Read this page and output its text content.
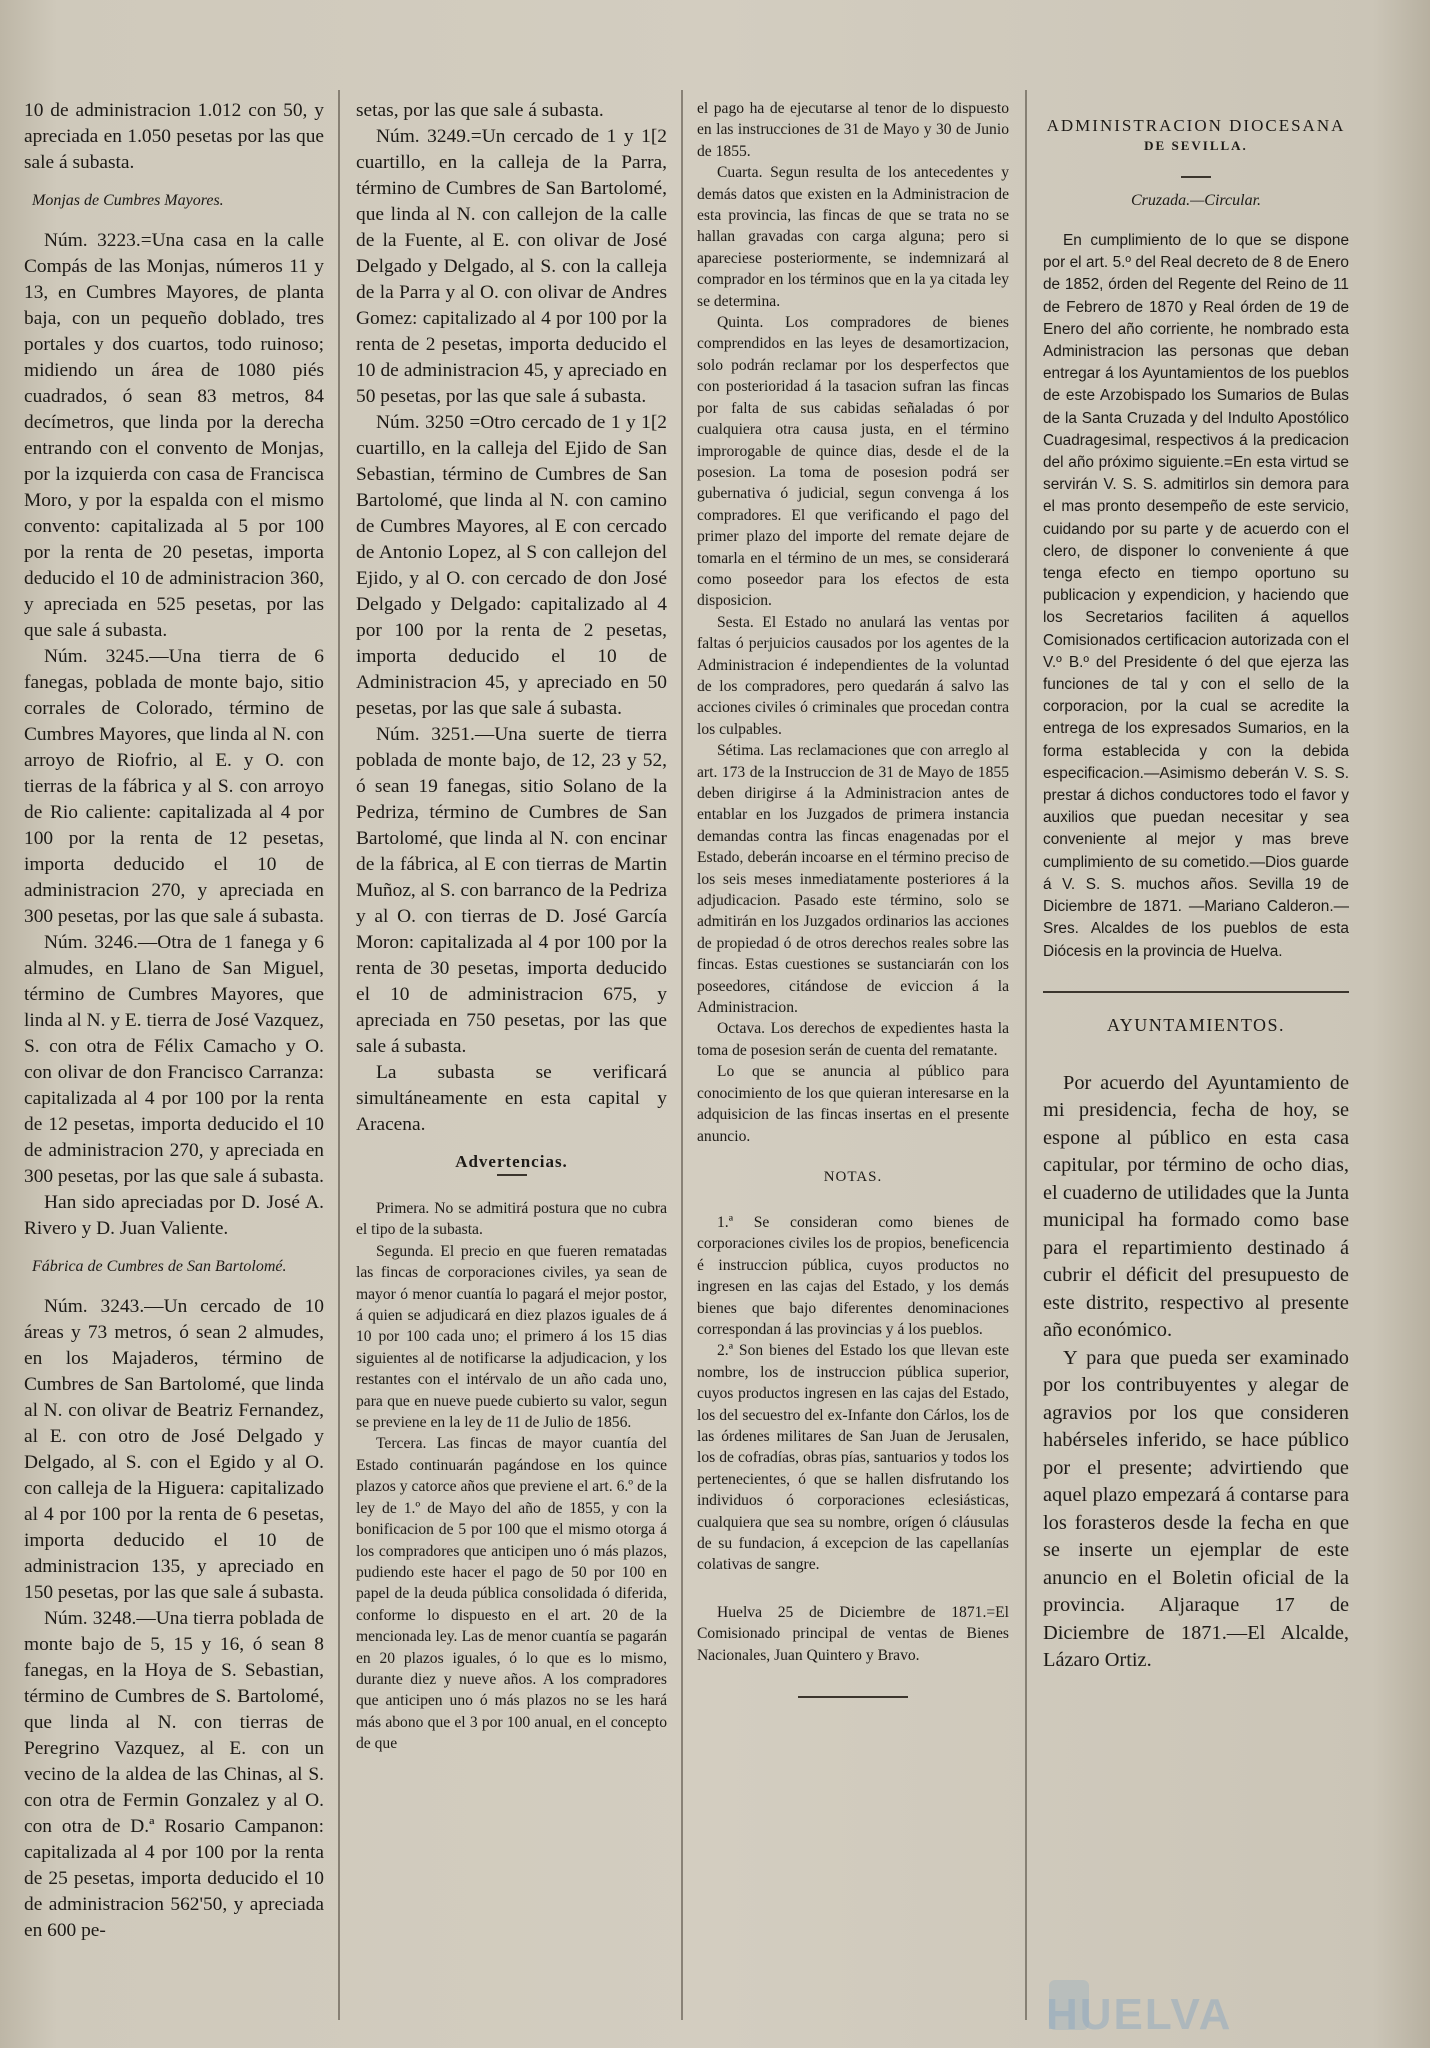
10 de administracion 1.012 con 50, y apreciada en 1.050 pesetas por las que sale á subasta.

Monjas de Cumbres Mayores.

Núm. 3223.=Una casa en la calle Compás de las Monjas, números 11 y 13, en Cumbres Mayores, de planta baja, con un pequeño doblado, tres portales y dos cuartos, todo ruinoso; midiendo un área de 1080 piés cuadrados, ó sean 83 metros, 84 decímetros, que linda por la derecha entrando con el convento de Monjas, por la izquierda con casa de Francisca Moro, y por la espalda con el mismo convento: capitalizada al 5 por 100 por la renta de 20 pesetas, importa deducido el 10 de administracion 360, y apreciada en 525 pesetas, por las que sale á subasta.

Núm. 3245.—Una tierra de 6 fanegas, poblada de monte bajo, sitio corrales de Colorado, término de Cumbres Mayores, que linda al N. con arroyo de Riofrio, al E. y O. con tierras de la fábrica y al S. con arroyo de Rio caliente: capitalizada al 4 por 100 por la renta de 12 pesetas, importa deducido el 10 de administracion 270, y apreciada en 300 pesetas, por las que sale á subasta.

Núm. 3246.—Otra de 1 fanega y 6 almudes, en Llano de San Miguel, término de Cumbres Mayores, que linda al N. y E. tierra de José Vazquez, S. con otra de Félix Camacho y O. con olivar de don Francisco Carranza: capitalizada al 4 por 100 por la renta de 12 pesetas, importa deducido el 10 de administracion 270, y apreciada en 300 pesetas, por las que sale á subasta.

Han sido apreciadas por D. José A. Rivero y D. Juan Valiente.

Fábrica de Cumbres de San Bartolomé.

Núm. 3243.—Un cercado de 10 áreas y 73 metros, ó sean 2 almudes, en los Majaderos, término de Cumbres de San Bartolomé, que linda al N. con olivar de Beatriz Fernandez, al E. con otro de José Delgado y Delgado, al S. con el Egido y al O. con calleja de la Higuera: capitalizado al 4 por 100 por la renta de 6 pesetas, importa deducido el 10 de administracion 135, y apreciado en 150 pesetas, por las que sale á subasta.

Núm. 3248.—Una tierra poblada de monte bajo de 5, 15 y 16, ó sean 8 fanegas, en la Hoya de S. Sebastian, término de Cumbres de S. Bartolomé, que linda al N. con tierras de Peregrino Vazquez, al E. con un vecino de la aldea de las Chinas, al S. con otra de Fermin Gonzalez y al O. con otra de D.ª Rosario Campanon: capitalizada al 4 por 100 por la renta de 25 pesetas, importa deducido el 10 de administracion 562'50, y apreciada en 600 pe-

setas, por las que sale á subasta.

Núm. 3249.=Un cercado de 1 y 1[2 cuartillo, en la calleja de la Parra, término de Cumbres de San Bartolomé, que linda al N. con callejon de la calle de la Fuente, al E. con olivar de José Delgado y Delgado, al S. con la calleja de la Parra y al O. con olivar de Andres Gomez: capitalizado al 4 por 100 por la renta de 2 pesetas, importa deducido el 10 de administracion 45, y apreciado en 50 pesetas, por las que sale á subasta.

Núm. 3250 =Otro cercado de 1 y 1[2 cuartillo, en la calleja del Ejido de San Sebastian, término de Cumbres de San Bartolomé, que linda al N. con camino de Cumbres Mayores, al E con cercado de Antonio Lopez, al S con callejon del Ejido, y al O. con cercado de don José Delgado y Delgado: capitalizado al 4 por 100 por la renta de 2 pesetas, importa deducido el 10 de Administracion 45, y apreciado en 50 pesetas, por las que sale á subasta.

Núm. 3251.—Una suerte de tierra poblada de monte bajo, de 12, 23 y 52, ó sean 19 fanegas, sitio Solano de la Pedriza, término de Cumbres de San Bartolomé, que linda al N. con encinar de la fábrica, al E con tierras de Martin Muñoz, al S. con barranco de la Pedriza y al O. con tierras de D. José García Moron: capitalizada al 4 por 100 por la renta de 30 pesetas, importa deducido el 10 de administracion 675, y apreciada en 750 pesetas, por las que sale á subasta.

La subasta se verificará simultáneamente en esta capital y Aracena.

Advertencias.

Primera. No se admitirá postura que no cubra el tipo de la subasta.

Segunda. El precio en que fueren rematadas las fincas de corporaciones civiles, ya sean de mayor ó menor cuantía lo pagará el mejor postor, á quien se adjudicará en diez plazos iguales de á 10 por 100 cada uno; el primero á los 15 dias siguientes al de notificarse la adjudicacion, y los restantes con el intérvalo de un año cada uno, para que en nueve puede cubierto su valor, segun se previene en la ley de 11 de Julio de 1856.

Tercera. Las fincas de mayor cuantía del Estado continuarán pagándose en los quince plazos y catorce años que previene el art. 6.º de la ley de 1.º de Mayo del año de 1855, y con la bonificacion de 5 por 100 que el mismo otorga á los compradores que anticipen uno ó más plazos, pudiendo este hacer el pago de 50 por 100 en papel de la deuda pública consolidada ó diferida, conforme lo dispuesto en el art. 20 de la mencionada ley. Las de menor cuantía se pagarán en 20 plazos iguales, ó lo que es lo mismo, durante diez y nueve años. A los compradores que anticipen uno ó más plazos no se les hará más abono que el 3 por 100 anual, en el concepto de que

el pago ha de ejecutarse al tenor de lo dispuesto en las instrucciones de 31 de Mayo y 30 de Junio de 1855.

Cuarta. Segun resulta de los antecedentes y demás datos que existen en la Administracion de esta provincia, las fincas de que se trata no se hallan gravadas con carga alguna; pero si apareciese posteriormente, se indemnizará al comprador en los términos que en la ya citada ley se determina.

Quinta. Los compradores de bienes comprendidos en las leyes de desamortizacion, solo podrán reclamar por los desperfectos que con posterioridad á la tasacion sufran las fincas por falta de sus cabidas señaladas ó por cualquiera otra causa justa, en el término improrogable de quince dias, desde el de la posesion. La toma de posesion podrá ser gubernativa ó judicial, segun convenga á los compradores. El que verificando el pago del primer plazo del importe del remate dejare de tomarla en el término de un mes, se considerará como poseedor para los efectos de esta disposicion.

Sesta. El Estado no anulará las ventas por faltas ó perjuicios causados por los agentes de la Administracion é independientes de la voluntad de los compradores, pero quedarán á salvo las acciones civiles ó criminales que procedan contra los culpables.

Sétima. Las reclamaciones que con arreglo al art. 173 de la Instruccion de 31 de Mayo de 1855 deben dirigirse á la Administracion antes de entablar en los Juzgados de primera instancia demandas contra las fincas enagenadas por el Estado, deberán incoarse en el término preciso de los seis meses inmediatamente posteriores á la adjudicacion. Pasado este término, solo se admitirán en los Juzgados ordinarios las acciones de propiedad ó de otros derechos reales sobre las fincas. Estas cuestiones se sustanciarán con los poseedores, citándose de eviccion á la Administracion.

Octava. Los derechos de expedientes hasta la toma de posesion serán de cuenta del rematante.

Lo que se anuncia al público para conocimiento de los que quieran interesarse en la adquisicion de las fincas insertas en el presente anuncio.

NOTAS.

1.ª Se consideran como bienes de corporaciones civiles los de propios, beneficencia é instruccion pública, cuyos productos no ingresen en las cajas del Estado, y los demás bienes que bajo diferentes denominaciones correspondan á las provincias y á los pueblos.

2.ª Son bienes del Estado los que llevan este nombre, los de instruccion pública superior, cuyos productos ingresen en las cajas del Estado, los del secuestro del ex-Infante don Cárlos, los de las órdenes militares de San Juan de Jerusalen, los de cofradías, obras pías, santuarios y todos los pertenecientes, ó que se hallen disfrutando los individuos ó corporaciones eclesiásticas, cualquiera que sea su nombre, orígen ó cláusulas de su fundacion, á excepcion de las capellanías colativas de sangre.

Huelva 25 de Diciembre de 1871.=El Comisionado principal de ventas de Bienes Nacionales, Juan Quintero y Bravo.

ADMINISTRACION DIOCESANA

DE SEVILLA.

Cruzada.—Circular.

En cumplimiento de lo que se dispone por el art. 5.º del Real decreto de 8 de Enero de 1852, órden del Regente del Reino de 11 de Febrero de 1870 y Real órden de 19 de Enero del año corriente, he nombrado esta Administracion las personas que deban entregar á los Ayuntamientos de los pueblos de este Arzobispado los Sumarios de Bulas de la Santa Cruzada y del Indulto Apostólico Cuadragesimal, respectivos á la predicacion del año próximo siguiente.=En esta virtud se servirán V. S. S. admitirlos sin demora para el mas pronto desempeño de este servicio, cuidando por su parte y de acuerdo con el clero, de disponer lo conveniente á que tenga efecto en tiempo oportuno su publicacion y expendicion, y haciendo que los Secretarios faciliten á aquellos Comisionados certificacion autorizada con el V.º B.º del Presidente ó del que ejerza las funciones de tal y con el sello de la corporacion, por la cual se acredite la entrega de los expresados Sumarios, en la forma establecida y con la debida especificacion.—Asimismo deberán V. S. S. prestar á dichos conductores todo el favor y auxilios que puedan necesitar y sea conveniente al mejor y mas breve cumplimiento de su cometido.—Dios guarde á V. S. S. muchos años. Sevilla 19 de Diciembre de 1871. —Mariano Calderon.—Sres. Alcaldes de los pueblos de esta Diócesis en la provincia de Huelva.

AYUNTAMIENTOS.

Por acuerdo del Ayuntamiento de mi presidencia, fecha de hoy, se espone al público en esta casa capitular, por término de ocho dias, el cuaderno de utilidades que la Junta municipal ha formado como base para el repartimiento destinado á cubrir el déficit del presupuesto de este distrito, respectivo al presente año económico.

Y para que pueda ser examinado por los contribuyentes y alegar de agravios por los que consideren habérseles inferido, se hace público por el presente; advirtiendo que aquel plazo empezará á contarse para los forasteros desde la fecha en que se inserte un ejemplar de este anuncio en el Boletin oficial de la provincia. Aljaraque 17 de Diciembre de 1871.—El Alcalde, Lázaro Ortiz.

HUELVA
